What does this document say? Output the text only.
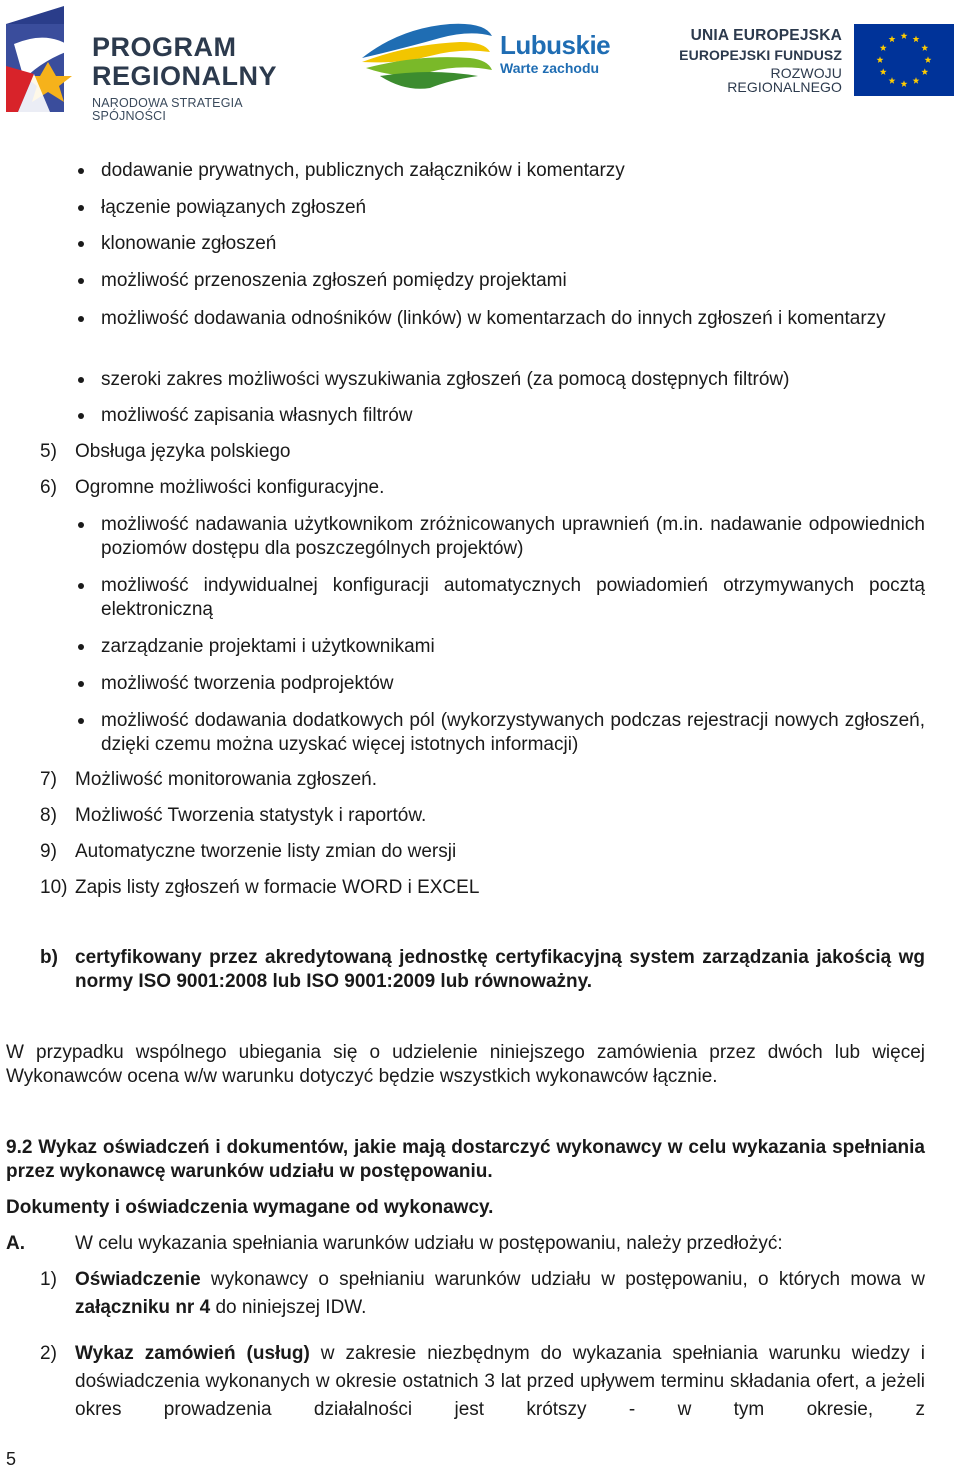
PROGRAM
REGIONALNY
NARODOWA STRATEGIA SPÓJNOŚCI
Lubuskie
Warte zachodu
UNIA EUROPEJSKA
EUROPEJSKI FUNDUSZ
ROZWOJU REGIONALNEGO
dodawanie prywatnych, publicznych załączników i komentarzy
łączenie powiązanych zgłoszeń
klonowanie zgłoszeń
możliwość przenoszenia zgłoszeń pomiędzy projektami
możliwość dodawania odnośników (linków) w komentarzach do innych zgłoszeń i komentarzy
szeroki zakres możliwości wyszukiwania zgłoszeń (za pomocą dostępnych filtrów)
możliwość zapisania własnych filtrów
5) Obsługa języka polskiego
6) Ogromne możliwości konfiguracyjne.
możliwość nadawania użytkownikom zróżnicowanych uprawnień (m.in. nadawanie odpowiednich poziomów dostępu dla poszczególnych projektów)
możliwość indywidualnej konfiguracji automatycznych powiadomień otrzymywanych pocztą elektroniczną
zarządzanie projektami i użytkownikami
możliwość tworzenia podprojektów
możliwość dodawania dodatkowych pól (wykorzystywanych podczas rejestracji nowych zgłoszeń, dzięki czemu można uzyskać więcej istotnych informacji)
7) Możliwość monitorowania zgłoszeń.
8) Możliwość Tworzenia statystyk i raportów.
9) Automatyczne tworzenie listy zmian do wersji
10) Zapis listy zgłoszeń w formacie WORD i EXCEL
b) certyfikowany przez akredytowaną jednostkę certyfikacyjną system zarządzania jakością wg normy ISO 9001:2008 lub ISO 9001:2009 lub równoważny.
W przypadku wspólnego ubiegania się o udzielenie niniejszego zamówienia przez dwóch lub więcej Wykonawców ocena w/w warunku dotyczyć będzie wszystkich wykonawców łącznie.
9.2 Wykaz oświadczeń i dokumentów, jakie mają dostarczyć wykonawcy w celu wykazania spełniania przez wykonawcę warunków udziału w postępowaniu.
Dokumenty i oświadczenia wymagane od wykonawcy.
A.	W celu wykazania spełniania warunków udziału w postępowaniu, należy przedłożyć:
1) Oświadczenie wykonawcy o spełnianiu warunków udziału w postępowaniu, o których mowa w załączniku nr 4 do niniejszej IDW.
2) Wykaz zamówień (usług) w zakresie niezbędnym do wykazania spełniania warunku wiedzy i doświadczenia wykonanych w okresie ostatnich 3 lat przed upływem terminu składania ofert, a jeżeli okres prowadzenia działalności jest krótszy - w tym okresie, z
5
